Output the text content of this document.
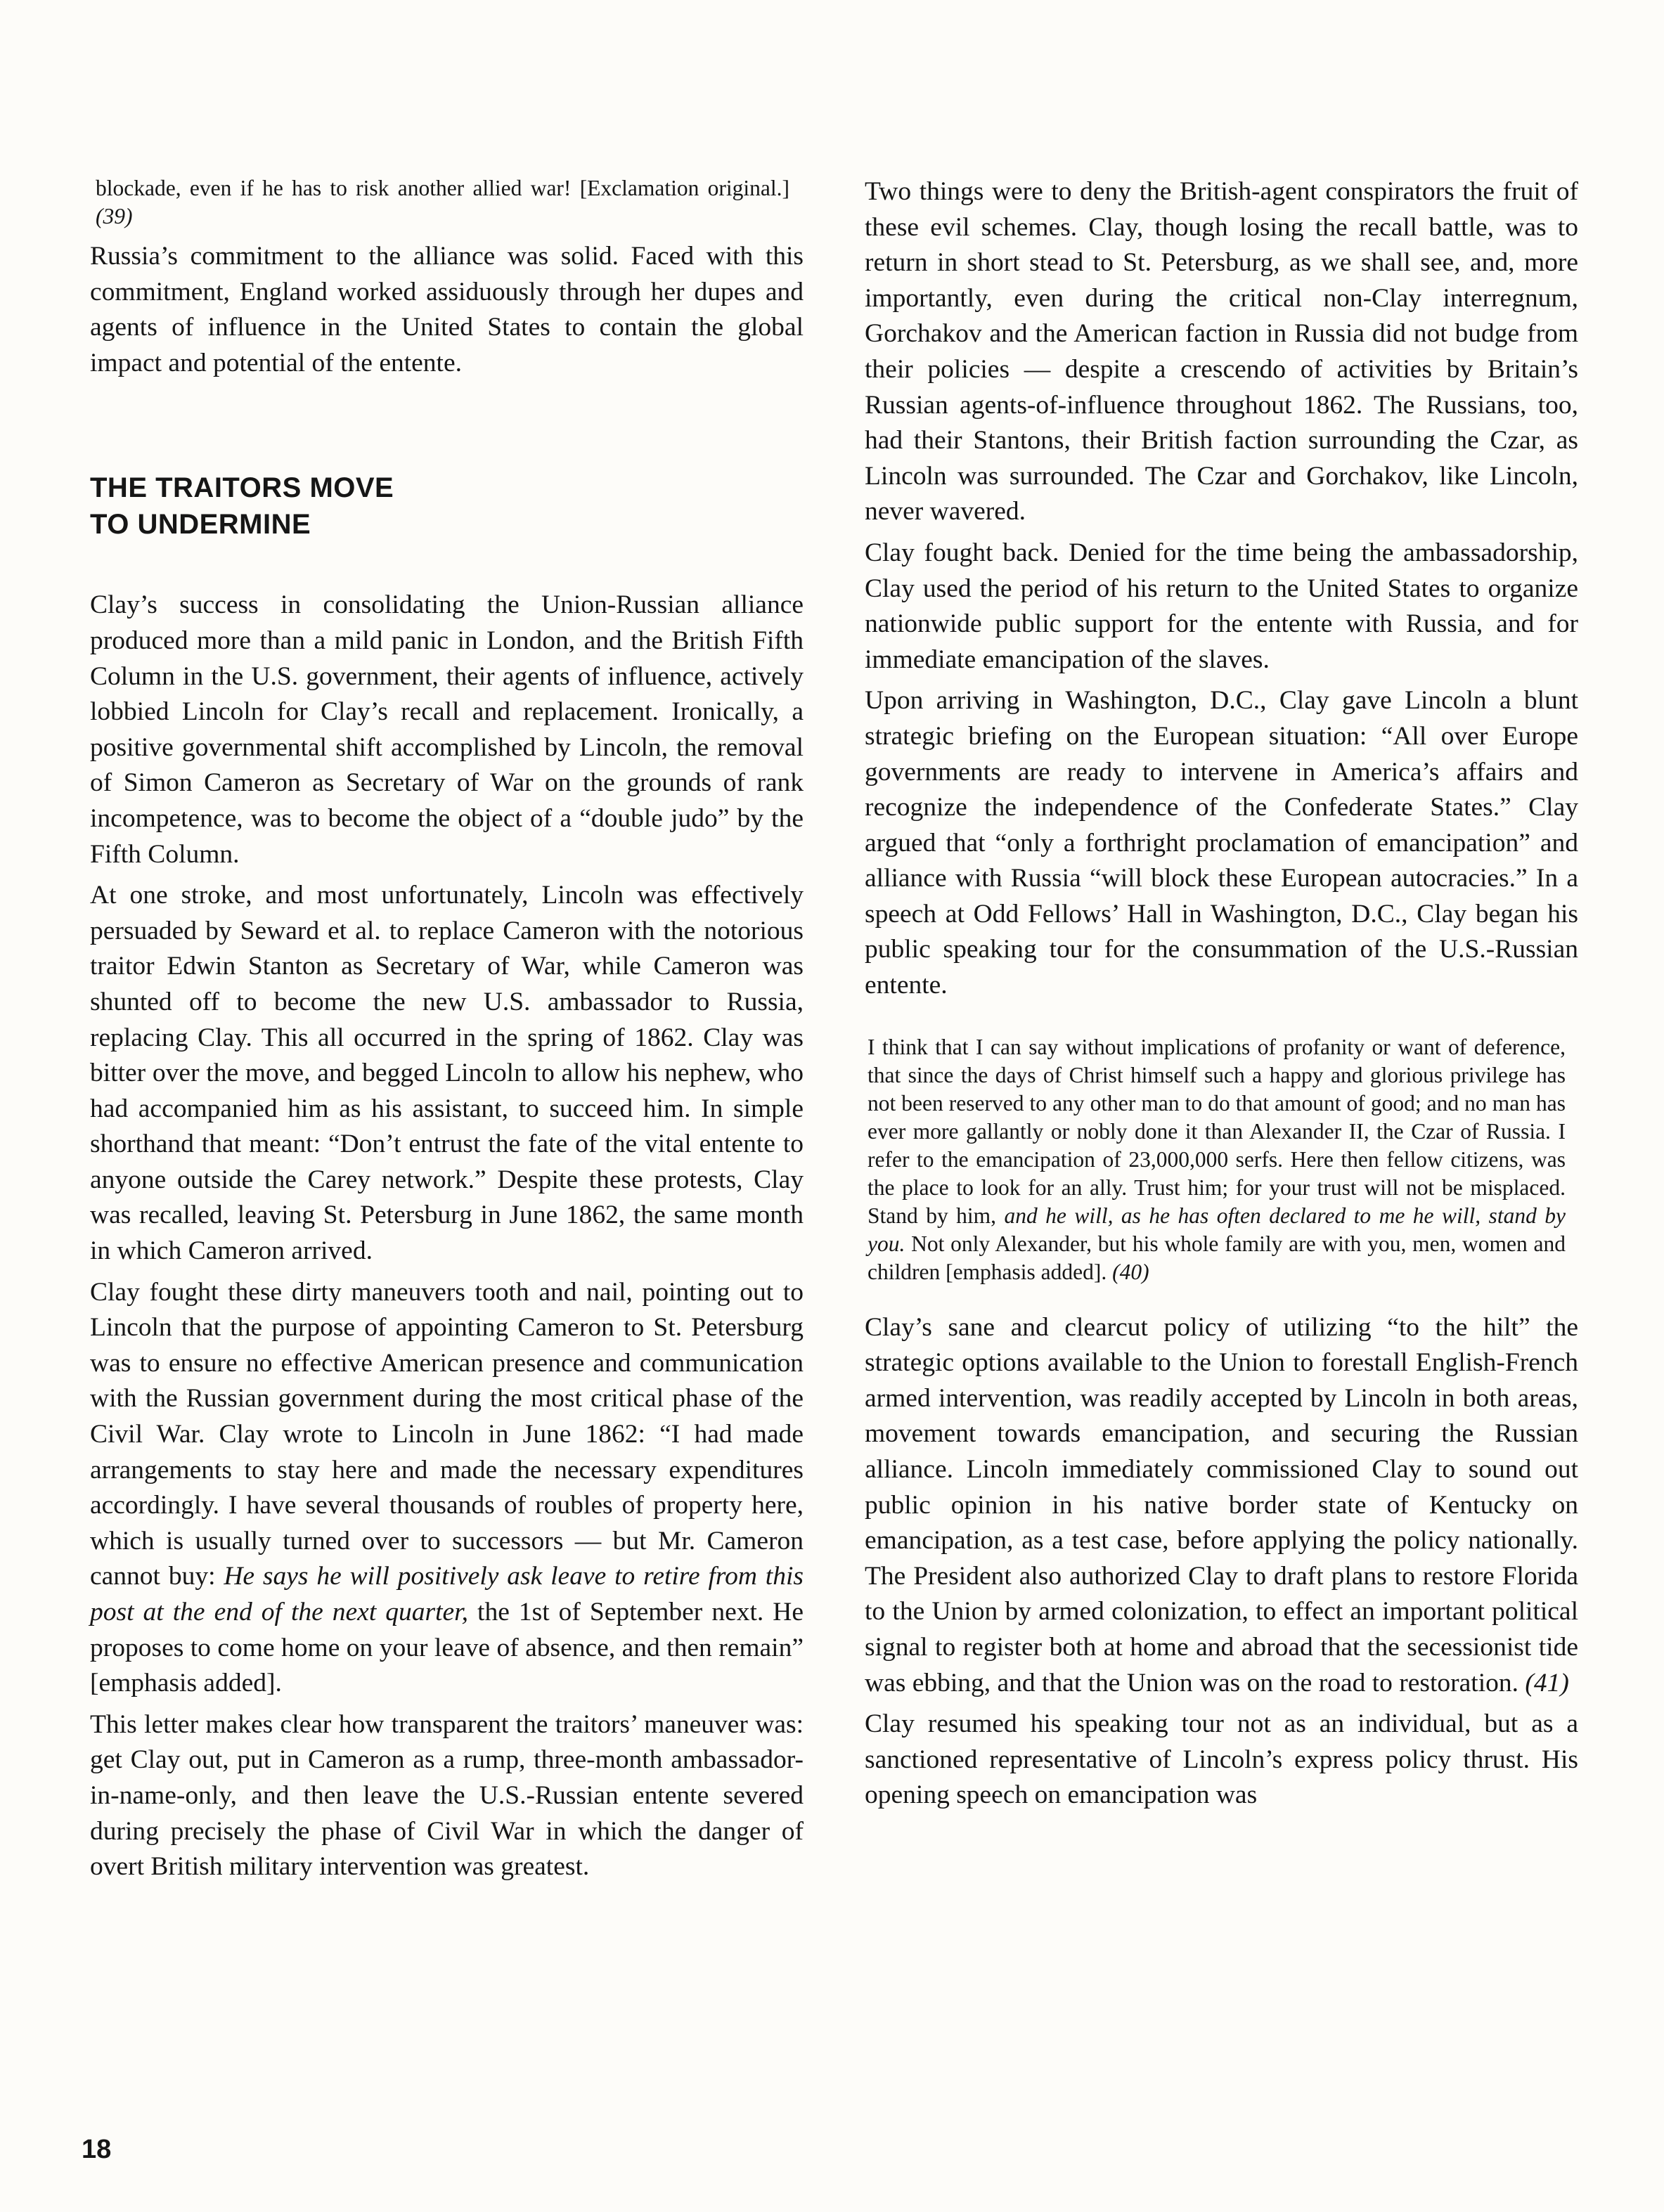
blockade, even if he has to risk another allied war! [Exclamation original.] (39)

Russia’s commitment to the alliance was solid. Faced with this commitment, England worked assiduously through her dupes and agents of influence in the United States to contain the global impact and potential of the entente.

THE TRAITORS MOVE
TO UNDERMINE

Clay’s success in consolidating the Union-Russian alliance produced more than a mild panic in London, and the British Fifth Column in the U.S. government, their agents of influence, actively lobbied Lincoln for Clay’s recall and replacement. Ironically, a positive governmental shift accomplished by Lincoln, the removal of Simon Cameron as Secretary of War on the grounds of rank incompetence, was to become the object of a “double judo” by the Fifth Column.

At one stroke, and most unfortunately, Lincoln was effectively persuaded by Seward et al. to replace Cameron with the notorious traitor Edwin Stanton as Secretary of War, while Cameron was shunted off to become the new U.S. ambassador to Russia, replacing Clay. This all occurred in the spring of 1862. Clay was bitter over the move, and begged Lincoln to allow his nephew, who had accompanied him as his assistant, to succeed him. In simple shorthand that meant: “Don’t entrust the fate of the vital entente to anyone outside the Carey network.” Despite these protests, Clay was recalled, leaving St. Petersburg in June 1862, the same month in which Cameron arrived.

Clay fought these dirty maneuvers tooth and nail, pointing out to Lincoln that the purpose of appointing Cameron to St. Petersburg was to ensure no effective American presence and communication with the Russian government during the most critical phase of the Civil War. Clay wrote to Lincoln in June 1862: “I had made arrangements to stay here and made the necessary expenditures accordingly. I have several thousands of roubles of property here, which is usually turned over to successors — but Mr. Cameron cannot buy: He says he will positively ask leave to retire from this post at the end of the next quarter, the 1st of September next. He proposes to come home on your leave of absence, and then remain” [emphasis added].

This letter makes clear how transparent the traitors’ maneuver was: get Clay out, put in Cameron as a rump, three-month ambassador-in-name-only, and then leave the U.S.-Russian entente severed during precisely the phase of Civil War in which the danger of overt British military intervention was greatest.

Two things were to deny the British-agent conspirators the fruit of these evil schemes. Clay, though losing the recall battle, was to return in short stead to St. Petersburg, as we shall see, and, more importantly, even during the critical non-Clay interregnum, Gorchakov and the American faction in Russia did not budge from their policies — despite a crescendo of activities by Britain’s Russian agents-of-influence throughout 1862. The Russians, too, had their Stantons, their British faction surrounding the Czar, as Lincoln was surrounded. The Czar and Gorchakov, like Lincoln, never wavered.

Clay fought back. Denied for the time being the ambassadorship, Clay used the period of his return to the United States to organize nationwide public support for the entente with Russia, and for immediate emancipation of the slaves.

Upon arriving in Washington, D.C., Clay gave Lincoln a blunt strategic briefing on the European situation: “All over Europe governments are ready to intervene in America’s affairs and recognize the independence of the Confederate States.” Clay argued that “only a forthright proclamation of emancipation” and alliance with Russia “will block these European autocracies.” In a speech at Odd Fellows’ Hall in Washington, D.C., Clay began his public speaking tour for the consummation of the U.S.-Russian entente.

I think that I can say without implications of profanity or want of deference, that since the days of Christ himself such a happy and glorious privilege has not been reserved to any other man to do that amount of good; and no man has ever more gallantly or nobly done it than Alexander II, the Czar of Russia. I refer to the emancipation of 23,000,000 serfs. Here then fellow citizens, was the place to look for an ally. Trust him; for your trust will not be misplaced. Stand by him, and he will, as he has often declared to me he will, stand by you. Not only Alexander, but his whole family are with you, men, women and children [emphasis added]. (40)

Clay’s sane and clearcut policy of utilizing “to the hilt” the strategic options available to the Union to forestall English-French armed intervention, was readily accepted by Lincoln in both areas, movement towards emancipation, and securing the Russian alliance. Lincoln immediately commissioned Clay to sound out public opinion in his native border state of Kentucky on emancipation, as a test case, before applying the policy nationally. The President also authorized Clay to draft plans to restore Florida to the Union by armed colonization, to effect an important political signal to register both at home and abroad that the secessionist tide was ebbing, and that the Union was on the road to restoration. (41)

Clay resumed his speaking tour not as an individual, but as a sanctioned representative of Lincoln’s express policy thrust. His opening speech on emancipation was

18
